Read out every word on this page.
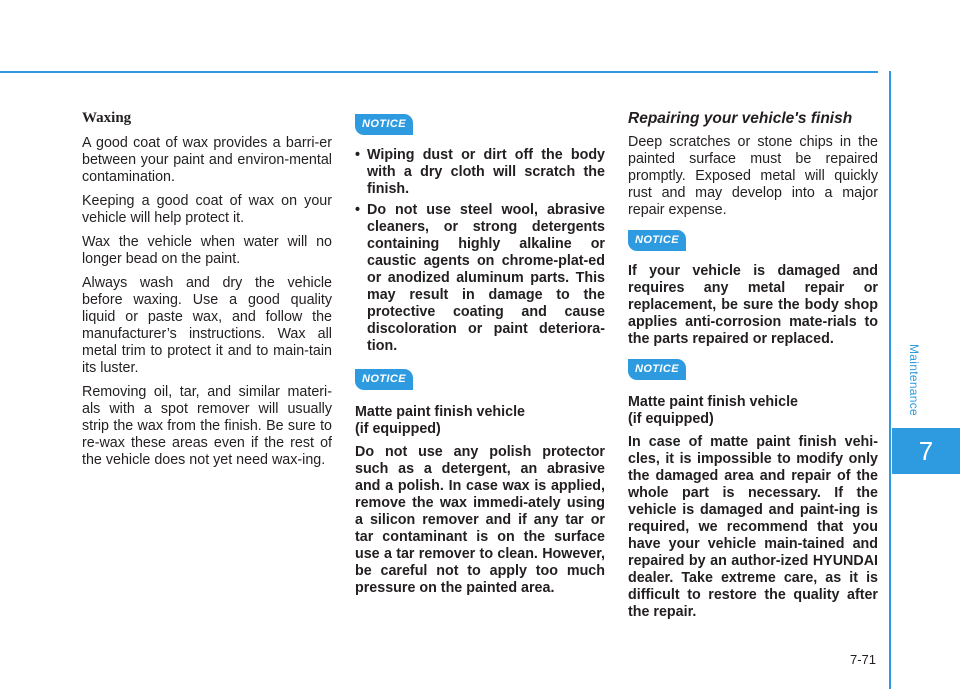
Maintenance
7
Waxing

A good coat of wax provides a barri-er between your paint and environ-mental contamination.

Keeping a good coat of wax on your vehicle will help protect it.

Wax the vehicle when water will no longer bead on the paint.

Always wash and dry the vehicle before waxing. Use a good quality liquid or paste wax, and follow the manufacturer’s instructions. Wax all metal trim to protect it and to main-tain its luster.

Removing oil, tar, and similar materi-als with a spot remover will usually strip the wax from the finish. Be sure to re-wax these areas even if the rest of the vehicle does not yet need wax-ing.

NOTICE
• Wiping dust or dirt off the body with a dry cloth will scratch the finish.
• Do not use steel wool, abrasive cleaners, or strong detergents containing highly alkaline or caustic agents on chrome-plat-ed or anodized aluminum parts. This may result in damage to the protective coating and cause discoloration or paint deteriora-tion.
NOTICE
Matte paint finish vehicle
(if equipped)

Do not use any polish protector such as a detergent, an abrasive and a polish. In case wax is applied, remove the wax immedi-ately using a silicon remover and if any tar or tar contaminant is on the surface use a tar remover to clean. However, be careful not to apply too much pressure on the painted area.

Repairing your vehicle's finish

Deep scratches or stone chips in the painted surface must be repaired promptly. Exposed metal will quickly rust and may develop into a major repair expense.

NOTICE

If your vehicle is damaged and requires any metal repair or replacement, be sure the body shop applies anti-corrosion mate-rials to the parts repaired or replaced.

NOTICE
Matte paint finish vehicle
(if equipped)

In case of matte paint finish vehi-cles, it is impossible to modify only the damaged area and repair of the whole part is necessary. If the vehicle is damaged and paint-ing is required, we recommend that you have your vehicle main-tained and repaired by an author-ized HYUNDAI dealer. Take extreme care, as it is difficult to restore the quality after the repair.

7-71
